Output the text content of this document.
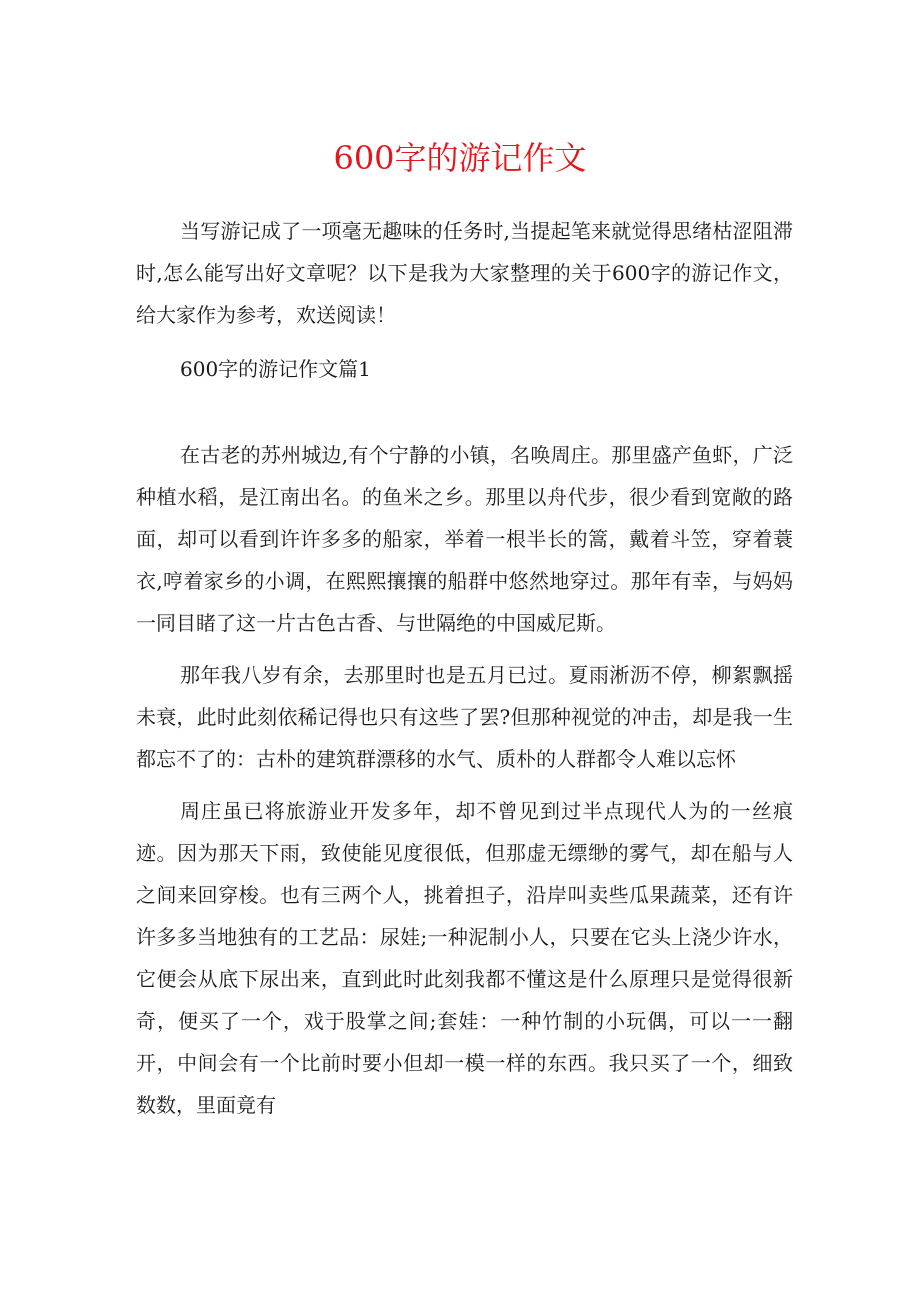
600字的游记作文

当写游记成了一项毫无趣味的任务时,当提起笔来就觉得思绪枯涩阻滞时,怎么能写出好文章呢？以下是我为大家整理的关于600字的游记作文，给大家作为参考，欢送阅读！

600字的游记作文篇1

在古老的苏州城边,有个宁静的小镇，名唤周庄。那里盛产鱼虾，广泛种植水稻，是江南出名。的鱼米之乡。那里以舟代步，很少看到宽敞的路面，却可以看到许许多多的船家，举着一根半长的篙，戴着斗笠，穿着蓑衣,哼着家乡的小调，在熙熙攘攘的船群中悠然地穿过。那年有幸，与妈妈一同目睹了这一片古色古香、与世隔绝的中国威尼斯。

那年我八岁有余，去那里时也是五月已过。夏雨淅沥不停，柳絮飘摇未衰，此时此刻依稀记得也只有这些了罢?但那种视觉的冲击，却是我一生都忘不了的：古朴的建筑群漂移的水气、质朴的人群都令人难以忘怀

周庄虽已将旅游业开发多年，却不曾见到过半点现代人为的一丝痕迹。因为那天下雨，致使能见度很低，但那虚无缥缈的雾气，却在船与人之间来回穿梭。也有三两个人，挑着担子，沿岸叫卖些瓜果蔬菜，还有许许多多当地独有的工艺品：尿娃;一种泥制小人，只要在它头上浇少许水，它便会从底下尿出来，直到此时此刻我都不懂这是什么原理只是觉得很新奇，便买了一个，戏于股掌之间;套娃：一种竹制的小玩偶，可以一一翻开，中间会有一个比前时要小但却一模一样的东西。我只买了一个，细致数数，里面竟有
